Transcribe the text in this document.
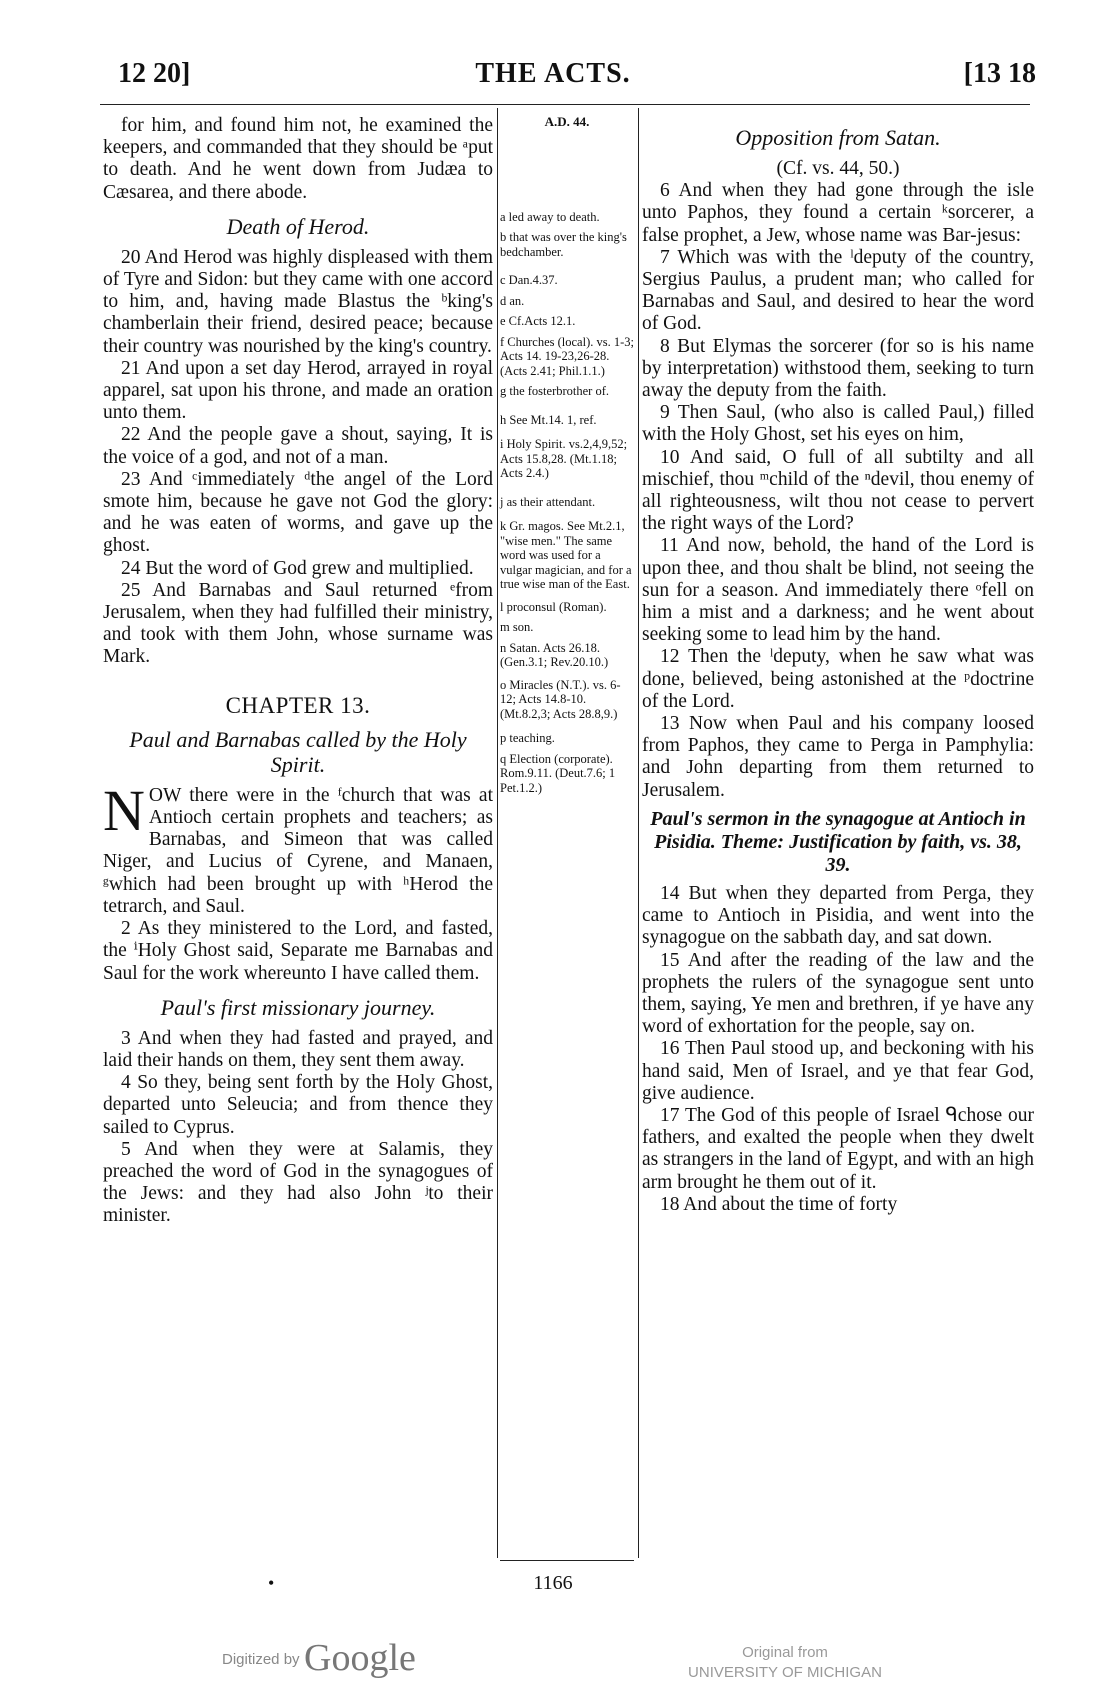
12 20]	THE ACTS.	[13 18

for him, and found him not, he examined the keepers, and commanded that they should be ᵃput to death. And he went down from Judæa to Cæsarea, and there abode.

Death of Herod.

20 And Herod was highly displeased with them of Tyre and Sidon: but they came with one accord to him, and, having made Blastus the ᵇking's chamberlain their friend, desired peace; because their country was nourished by the king's country.

21 And upon a set day Herod, arrayed in royal apparel, sat upon his throne, and made an oration unto them.

22 And the people gave a shout, saying, It is the voice of a god, and not of a man.

23 And ᶜimmediately ᵈthe angel of the Lord smote him, because he gave not God the glory: and he was eaten of worms, and gave up the ghost.

24 But the word of God grew and multiplied.

25 And Barnabas and Saul returned ᵉfrom Jerusalem, when they had fulfilled their ministry, and took with them John, whose surname was Mark.

CHAPTER 13.

Paul and Barnabas called by the Holy Spirit.

NOW there were in the ᶠchurch that was at Antioch certain prophets and teachers; as Barnabas, and Simeon that was called Niger, and Lucius of Cyrene, and Manaen, ᵍwhich had been brought up with ʰHerod the tetrarch, and Saul.

2 As they ministered to the Lord, and fasted, the ⁱHoly Ghost said, Separate me Barnabas and Saul for the work whereunto I have called them.

Paul's first missionary journey.

3 And when they had fasted and prayed, and laid their hands on them, they sent them away.

4 So they, being sent forth by the Holy Ghost, departed unto Seleucia; and from thence they sailed to Cyprus.

5 And when they were at Salamis, they preached the word of God in the synagogues of the Jews: and they had also John ʲto their minister.

A.D. 44.
a led away to death.
b that was over the king's bedchamber.
c Dan.4.37.
d an.
e Cf.Acts 12.1.
f Churches (local). vs. 1-3; Acts 14. 19-23,26-28. (Acts 2.41; Phil.1.1.)
g the fosterbrother of.
h See Mt.14. 1, ref.
i Holy Spirit. vs.2,4,9,52; Acts 15.8,28. (Mt.1.18; Acts 2.4.)
j as their attendant.
k Gr. magos. See Mt.2.1, "wise men." The same word was used for a vulgar magician, and for a true wise man of the East.
l proconsul (Roman).
m son.
n Satan. Acts 26.18. (Gen.3.1; Rev.20.10.)
o Miracles (N.T.). vs. 6-12; Acts 14.8-10. (Mt.8.2,3; Acts 28.8,9.)
p teaching.
q Election (corporate). Rom.9.11. (Deut.7.6; 1 Pet.1.2.)

Opposition from Satan.

(Cf. vs. 44, 50.)

6 And when they had gone through the isle unto Paphos, they found a certain ᵏsorcerer, a false prophet, a Jew, whose name was Bar-jesus:

7 Which was with the ˡdeputy of the country, Sergius Paulus, a prudent man; who called for Barnabas and Saul, and desired to hear the word of God.

8 But Elymas the sorcerer (for so is his name by interpretation) withstood them, seeking to turn away the deputy from the faith.

9 Then Saul, (who also is called Paul,) filled with the Holy Ghost, set his eyes on him,

10 And said, O full of all subtilty and all mischief, thou ᵐchild of the ⁿdevil, thou enemy of all righteousness, wilt thou not cease to pervert the right ways of the Lord?

11 And now, behold, the hand of the Lord is upon thee, and thou shalt be blind, not seeing the sun for a season. And immediately there ᵒfell on him a mist and a darkness; and he went about seeking some to lead him by the hand.

12 Then the ˡdeputy, when he saw what was done, believed, being astonished at the ᵖdoctrine of the Lord.

13 Now when Paul and his company loosed from Paphos, they came to Perga in Pamphylia: and John departing from them returned to Jerusalem.

Paul's sermon in the synagogue at Antioch in Pisidia. Theme: Justification by faith, vs. 38, 39.

14 But when they departed from Perga, they came to Antioch in Pisidia, and went into the synagogue on the sabbath day, and sat down.

15 And after the reading of the law and the prophets the rulers of the synagogue sent unto them, saying, Ye men and brethren, if ye have any word of exhortation for the people, say on.

16 Then Paul stood up, and beckoning with his hand said, Men of Israel, and ye that fear God, give audience.

17 The God of this people of Israel ᑫchose our fathers, and exalted the people when they dwelt as strangers in the land of Egypt, and with an high arm brought he them out of it.

18 And about the time of forty

•	1166
Digitized by Google	Original from
UNIVERSITY OF MICHIGAN
